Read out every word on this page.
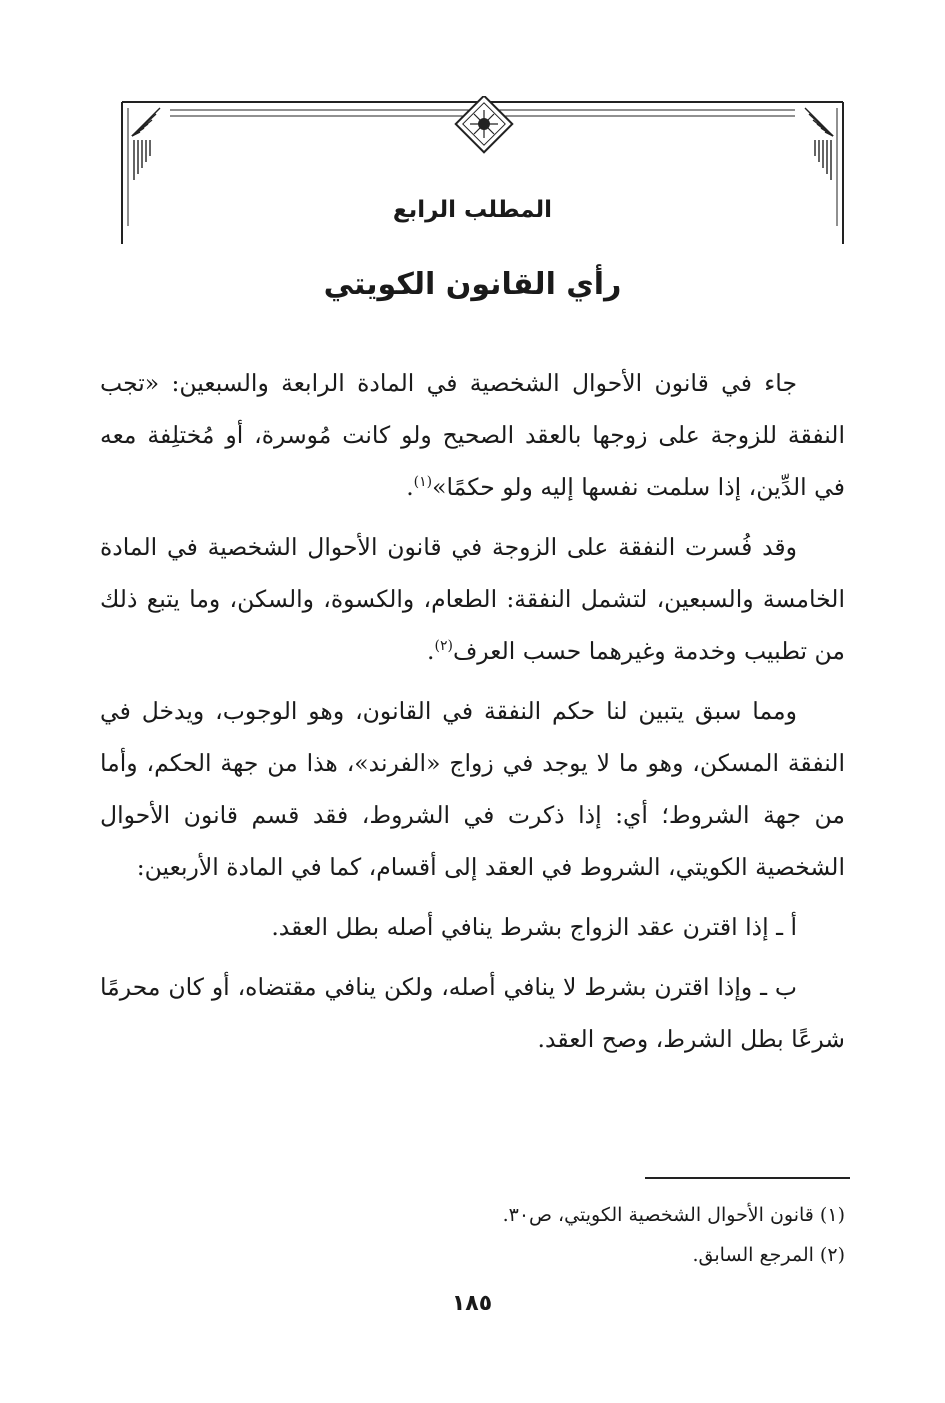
المطلب الرابع
رأي القانون الكويتي

جاء في قانون الأحوال الشخصية في المادة الرابعة والسبعين: «تجب النفقة للزوجة على زوجها بالعقد الصحيح ولو كانت مُوسرة، أو مُختلِفة معه في الدِّين، إذا سلمت نفسها إليه ولو حكمًا»$^{(١)}$.

وقد فُسرت النفقة على الزوجة في قانون الأحوال الشخصية في المادة الخامسة والسبعين، لتشمل النفقة: الطعام، والكسوة، والسكن، وما يتبع ذلك من تطبيب وخدمة وغيرهما حسب العرف$^{(٢)}$.

ومما سبق يتبين لنا حكم النفقة في القانون، وهو الوجوب، ويدخل في النفقة المسكن، وهو ما لا يوجد في زواج «الفرند»، هذا من جهة الحكم، وأما من جهة الشروط؛ أي: إذا ذكرت في الشروط، فقد قسم قانون الأحوال الشخصية الكويتي، الشروط في العقد إلى أقسام، كما في المادة الأربعين:

أ ـ إذا اقترن عقد الزواج بشرط ينافي أصله بطل العقد.

ب ـ وإذا اقترن بشرط لا ينافي أصله، ولكن ينافي مقتضاه، أو كان محرمًا شرعًا بطل الشرط، وصح العقد.

(١) قانون الأحوال الشخصية الكويتي، ص٣٠.
(٢) المرجع السابق.
١٨٥
